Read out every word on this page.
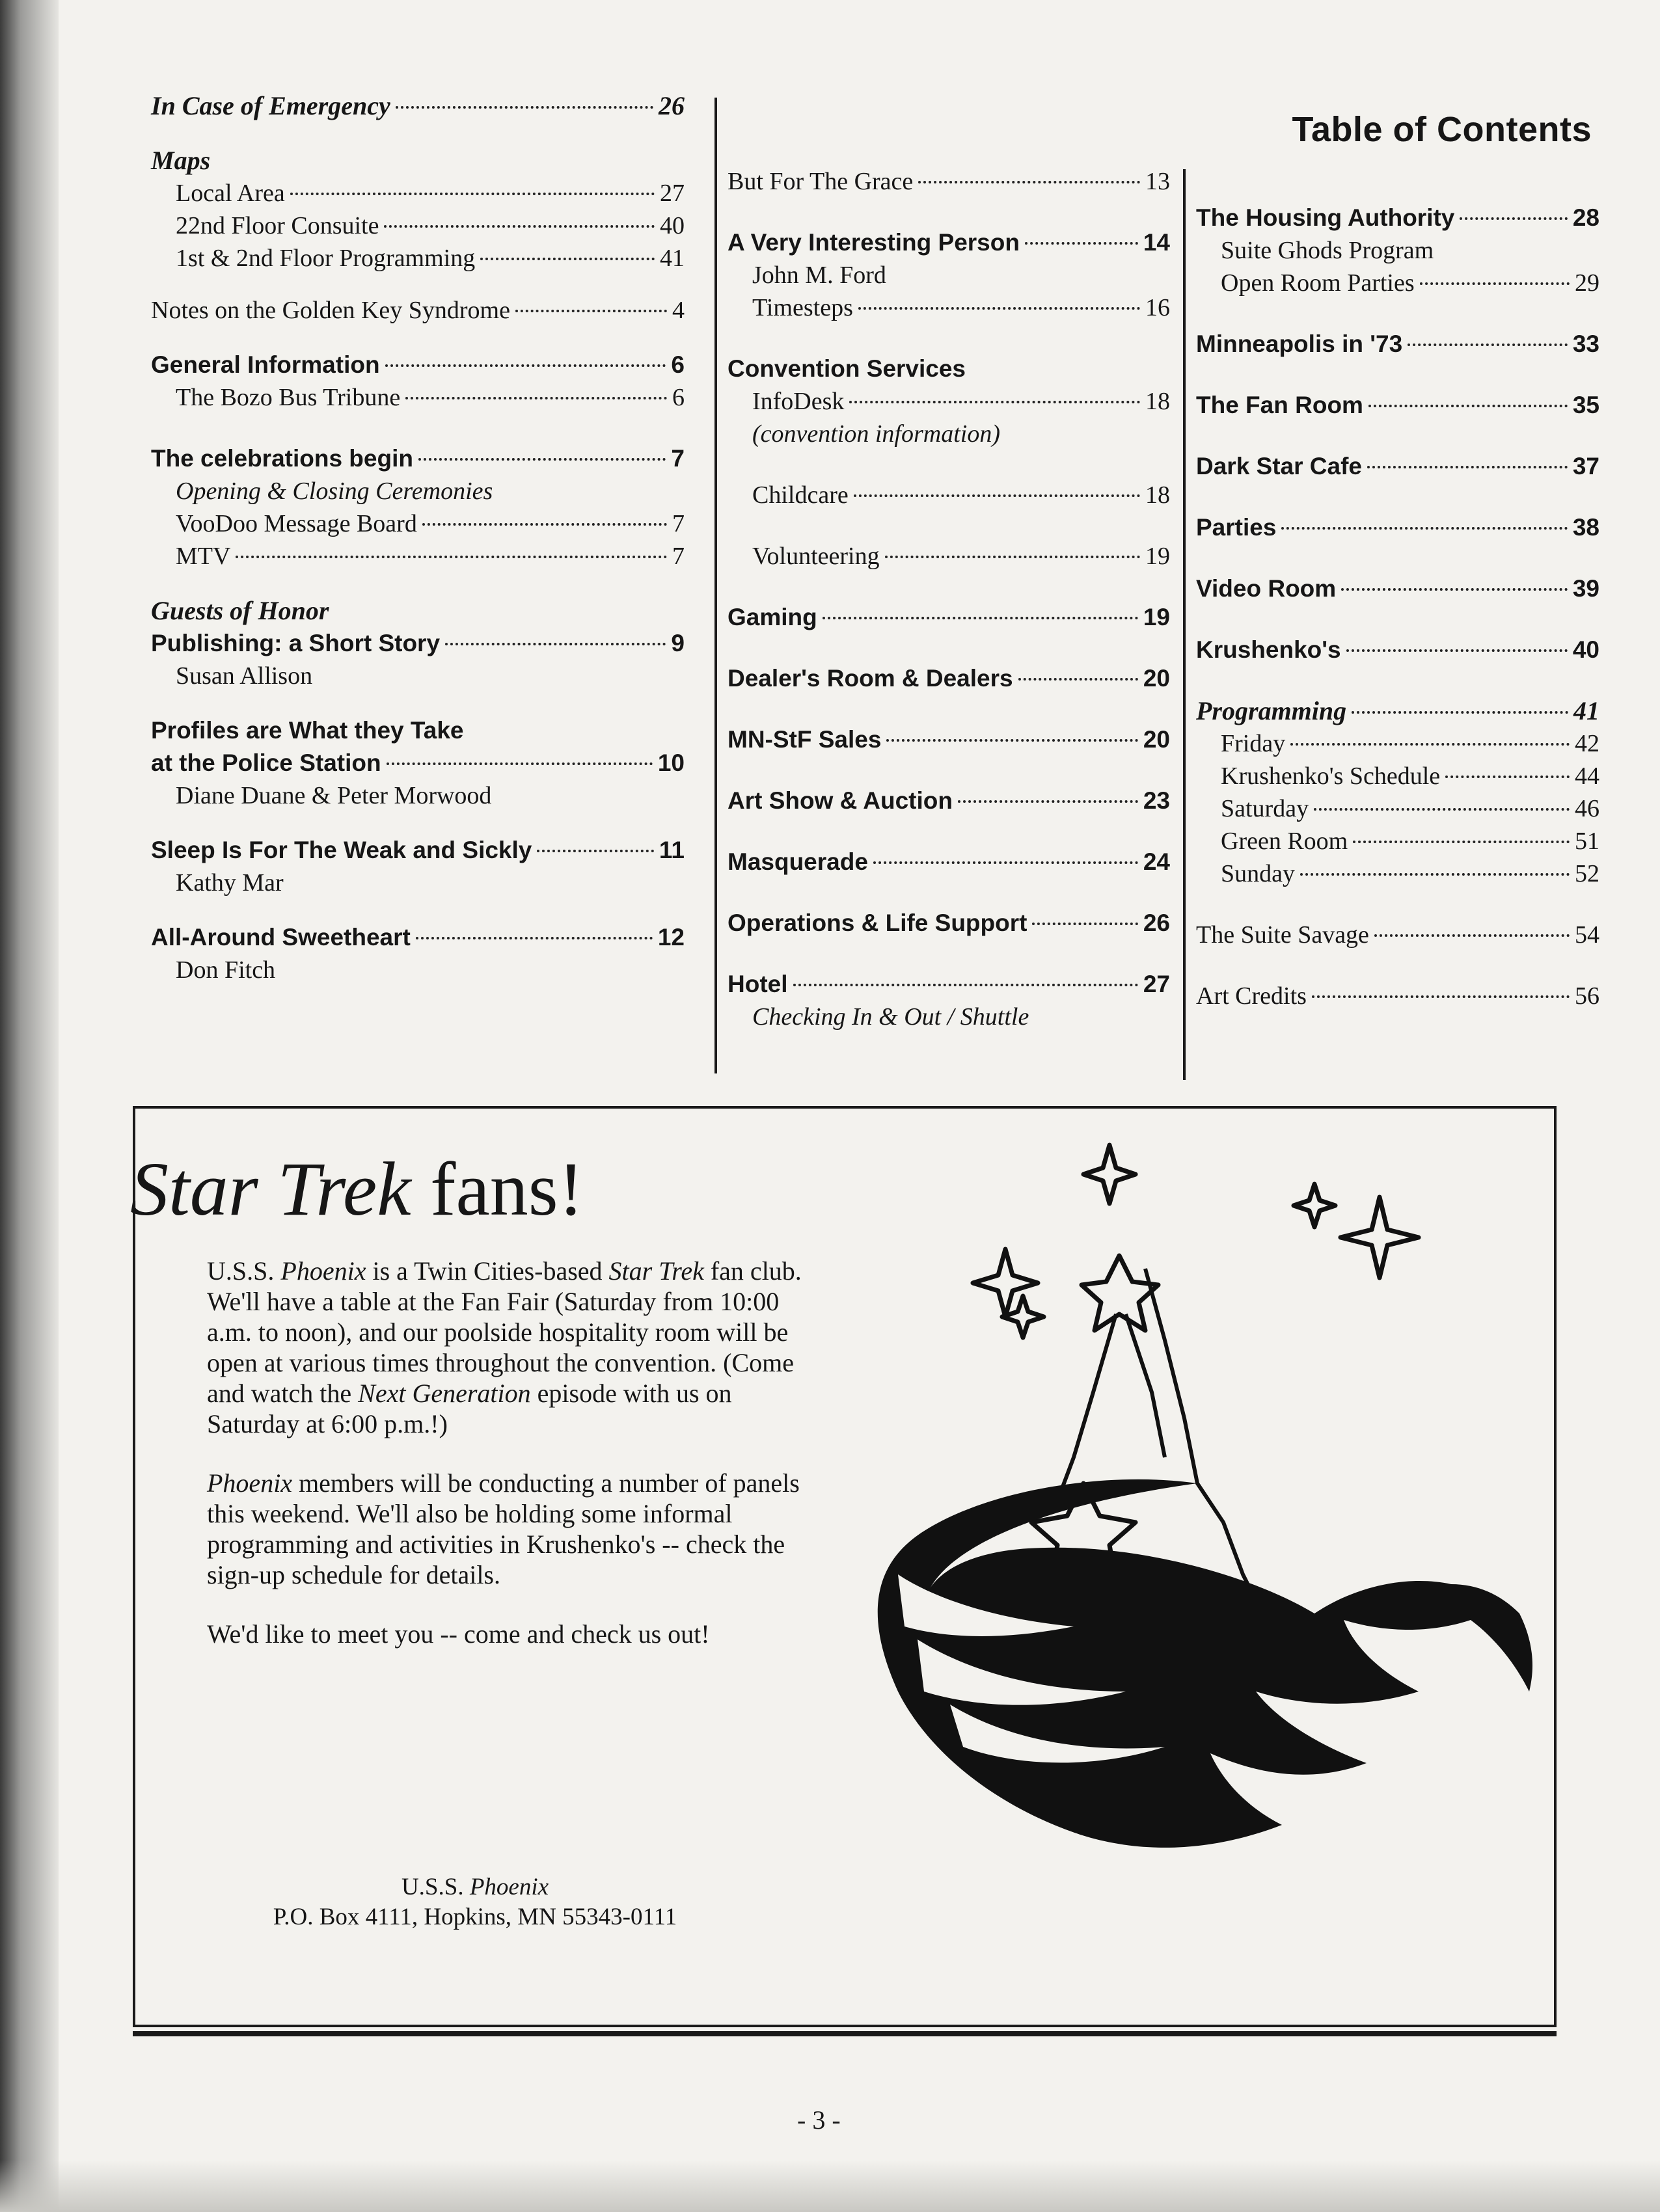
Table of Contents
In Case of Emergency	26
Maps
Local Area	27
22nd Floor Consuite	40
1st & 2nd Floor Programming	41
Notes on the Golden Key Syndrome	4
General Information	6
The Bozo Bus Tribune	6
The celebrations begin	7
Opening & Closing Ceremonies
VooDoo Message Board	7
MTV	7
Guests of Honor
Publishing: a Short Story	9
Susan Allison
Profiles are What they Take
at the Police Station	10
Diane Duane & Peter Morwood
Sleep Is For The Weak and Sickly	11
Kathy Mar
All-Around Sweetheart	12
Don Fitch
But For The Grace	13
A Very Interesting Person	14
John M. Ford
Timesteps	16
Convention Services
InfoDesk	18
(convention information)
Childcare	18
Volunteering	19
Gaming	19
Dealer's Room & Dealers	20
MN-StF Sales	20
Art Show & Auction	23
Masquerade	24
Operations & Life Support	26
Hotel	27
Checking In & Out / Shuttle
The Housing Authority	28
Suite Ghods Program
Open Room Parties	29
Minneapolis in '73	33
The Fan Room	35
Dark Star Cafe	37
Parties	38
Video Room	39
Krushenko's	40
Programming	41
Friday	42
Krushenko's Schedule	44
Saturday	46
Green Room	51
Sunday	52
The Suite Savage	54
Art Credits	56
Star Trek fans!

U.S.S. Phoenix is a Twin Cities-based Star Trek fan club. We'll have a table at the Fan Fair (Saturday from 10:00 a.m. to noon), and our poolside hospitality room will be open at various times throughout the convention. (Come and watch the Next Generation episode with us on Saturday at 6:00 p.m.!)

Phoenix members will be conducting a number of panels this weekend. We'll also be holding some informal programming and activities in Krushenko's -- check the sign-up schedule for details.

We'd like to meet you -- come and check us out!

U.S.S. Phoenix
P.O. Box 4111, Hopkins, MN 55343-0111
- 3 -
